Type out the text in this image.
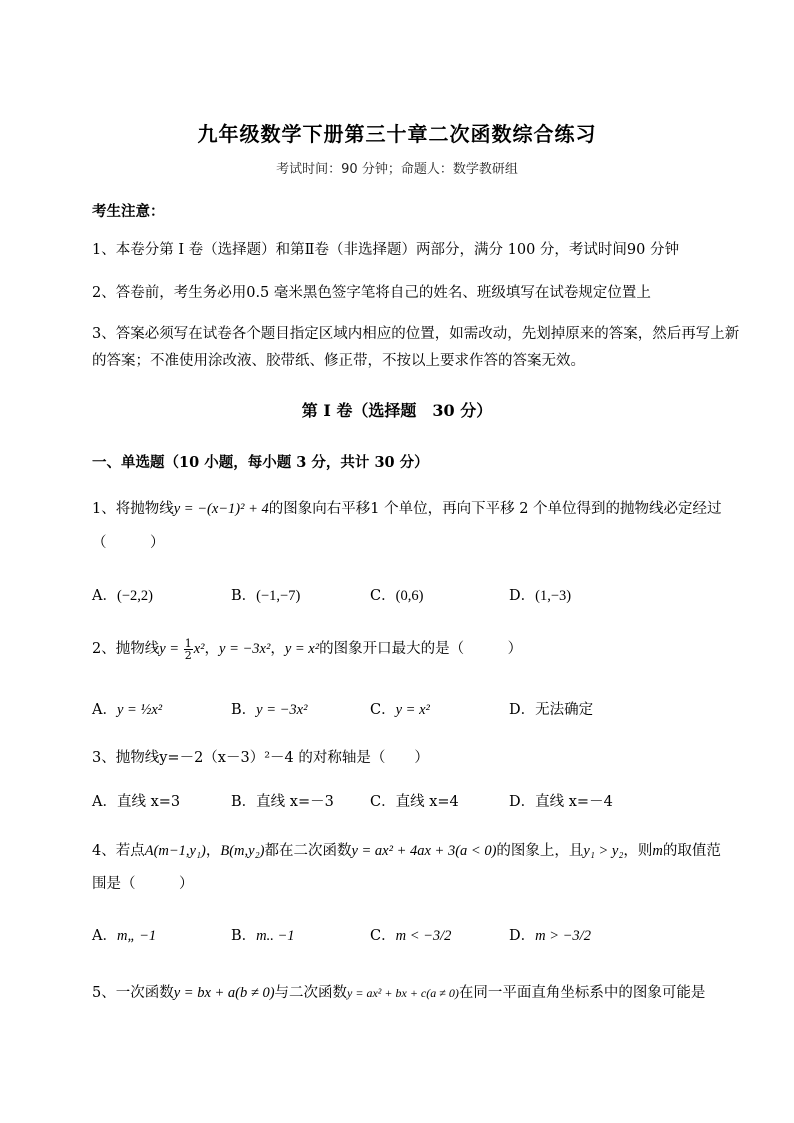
九年级数学下册第三十章二次函数综合练习
考试时间：90 分钟；命题人：数学教研组
考生注意：
1、本卷分第 I 卷（选择题）和第Ⅱ卷（非选择题）两部分，满分 100 分，考试时间90 分钟
2、答卷前，考生务必用0.5 毫米黑色签字笔将自己的姓名、班级填写在试卷规定位置上
3、答案必须写在试卷各个题目指定区域内相应的位置，如需改动，先划掉原来的答案，然后再写上新的答案；不准使用涂改液、胶带纸、修正带，不按以上要求作答的答案无效。
第 I 卷（选择题　30 分）
一、单选题（10 小题，每小题 3 分，共计 30 分）
1、将抛物线y = −(x−1)² + 4的图象向右平移1 个单位，再向下平移 2 个单位得到的抛物线必定经过
（　　　）
A．(−2,2)	B．(−1,−7)	C．(0,6)	D．(1,−3)
2、抛物线$y = \frac{1}{2} x^2$，y = −3x²，y = x²的图象开口最大的是（　　　）
A．y = ½x²	B．y = −3x²	C．y = x²	D．无法确定
3、抛物线y=－2（x－3）²－4 的对称轴是（　　）
A．直线 x=3	B．直线 x=－3 C．直线 x=4	D．直线 x=－4
4、若点A(m−1,y₁)，B(m,y₂)都在二次函数y = ax² + 4ax + 3(a < 0)的图象上，且y₁ > y₂，则m的取值范
围是（　　　）
A．m„ −1	B．m.. −1	C．m < −3/2	D．m > −3/2
5、一次函数y = bx + a(b ≠ 0)与二次函数y = ax² + bx + c(a ≠ 0)在同一平面直角坐标系中的图象可能是
